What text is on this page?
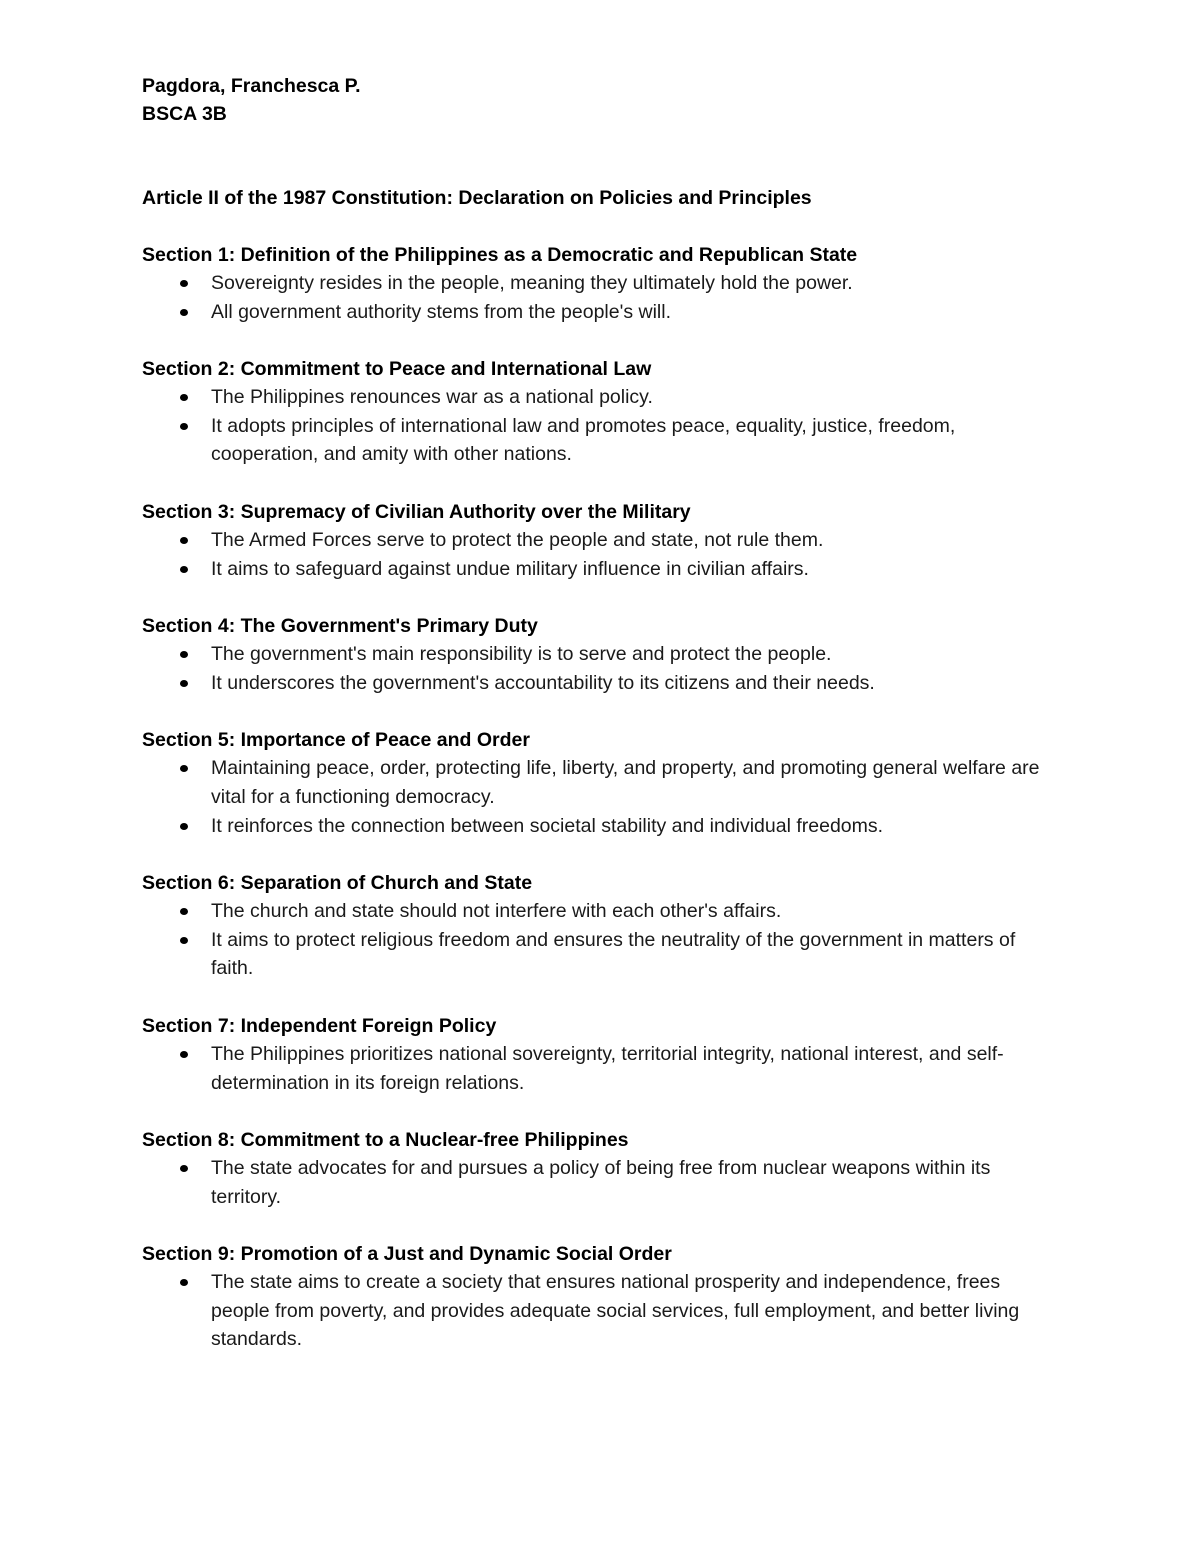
Pagdora, Franchesca P.

BSCA 3B

Article II of the 1987 Constitution: Declaration on Policies and Principles

Section 1: Definition of the Philippines as a Democratic and Republican State

Sovereignty resides in the people, meaning they ultimately hold the power.
All government authority stems from the people's will.

Section 2: Commitment to Peace and International Law

The Philippines renounces war as a national policy.
It adopts principles of international law and promotes peace, equality, justice, freedom, cooperation, and amity with other nations.

Section 3: Supremacy of Civilian Authority over the Military

The Armed Forces serve to protect the people and state, not rule them.
It aims to safeguard against undue military influence in civilian affairs.

Section 4: The Government's Primary Duty

The government's main responsibility is to serve and protect the people.
It underscores the government's accountability to its citizens and their needs.

Section 5: Importance of Peace and Order

Maintaining peace, order, protecting life, liberty, and property, and promoting general welfare are vital for a functioning democracy.
It reinforces the connection between societal stability and individual freedoms.

Section 6: Separation of Church and State

The church and state should not interfere with each other's affairs.
It aims to protect religious freedom and ensures the neutrality of the government in matters of faith.

Section 7: Independent Foreign Policy

The Philippines prioritizes national sovereignty, territorial integrity, national interest, and self-determination in its foreign relations.

Section 8: Commitment to a Nuclear-free Philippines

The state advocates for and pursues a policy of being free from nuclear weapons within its territory.

Section 9: Promotion of a Just and Dynamic Social Order

The state aims to create a society that ensures national prosperity and independence, frees people from poverty, and provides adequate social services, full employment, and better living standards.
